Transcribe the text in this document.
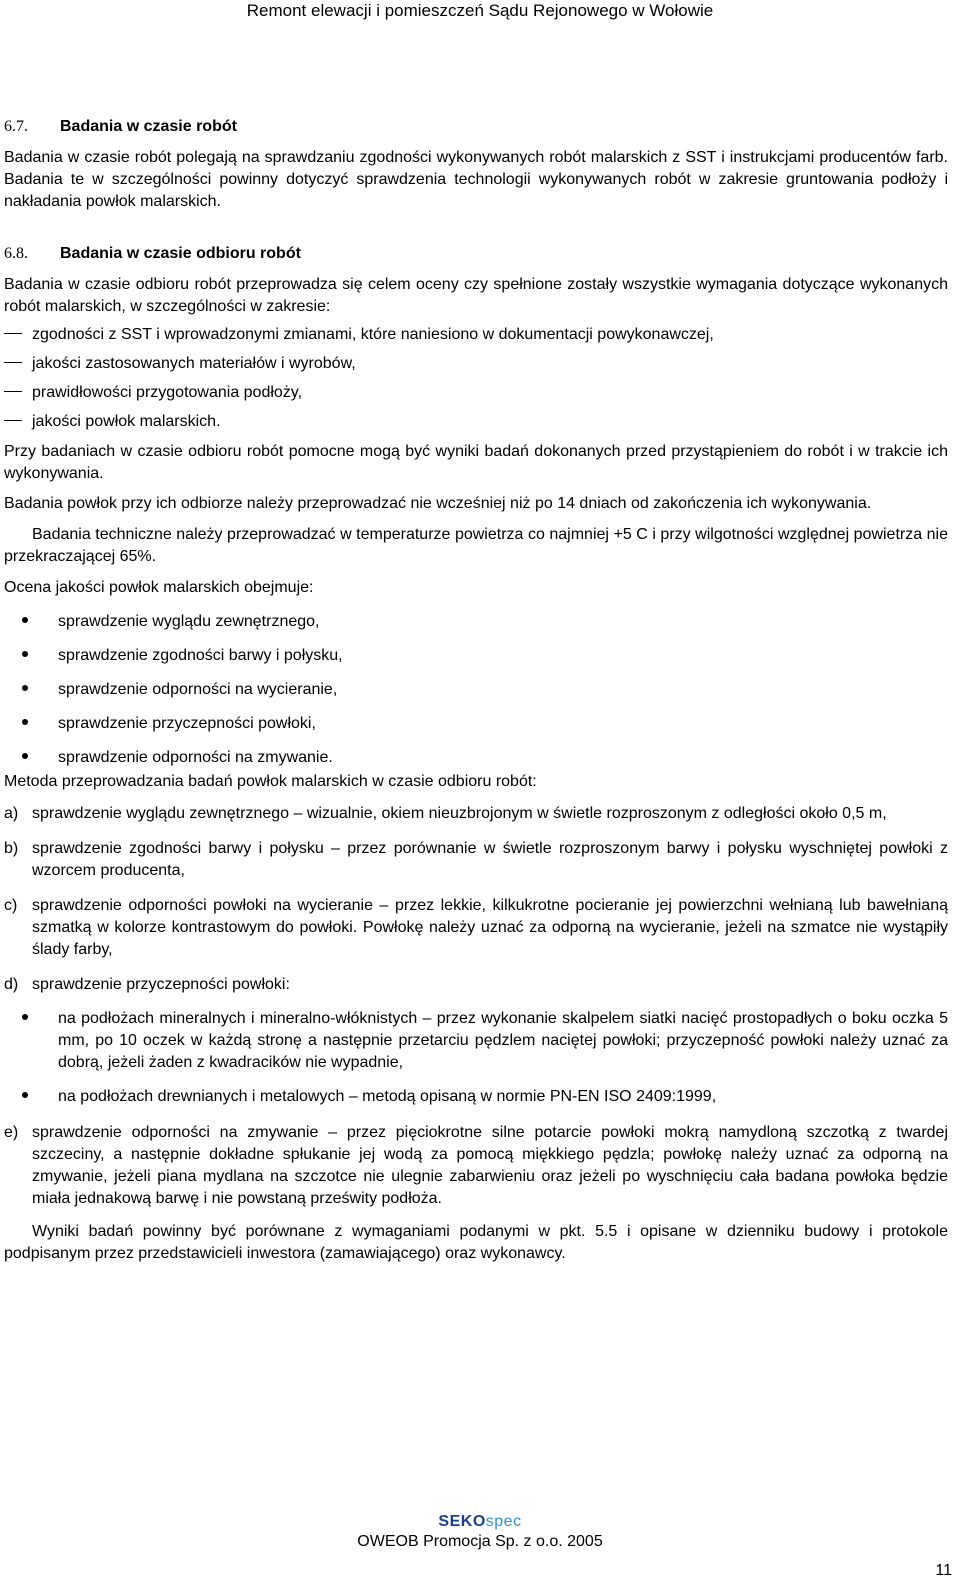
Remont elewacji i pomieszczeń Sądu Rejonowego w Wołowie
6.7.	Badania w czasie robót
Badania w czasie robót polegają na sprawdzaniu zgodności wykonywanych robót malarskich z SST i instrukcjami producentów farb. Badania te w szczególności powinny dotyczyć sprawdzenia technologii wykonywanych robót w zakresie gruntowania podłoży i nakładania powłok malarskich.
6.8.	Badania w czasie odbioru robót
Badania w czasie odbioru robót przeprowadza się celem oceny czy spełnione zostały wszystkie wymagania dotyczące wykonanych robót malarskich, w szczególności w zakresie:
zgodności z SST i wprowadzonymi zmianami, które naniesiono w dokumentacji powykonawczej,
jakości zastosowanych materiałów i wyrobów,
prawidłowości przygotowania podłoży,
jakości powłok malarskich.
Przy badaniach w czasie odbioru robót pomocne mogą być wyniki badań dokonanych przed przystąpieniem do robót i w trakcie ich wykonywania.
Badania powłok przy ich odbiorze należy przeprowadzać nie wcześniej niż po 14 dniach od zakończenia ich wykonywania.
Badania techniczne należy przeprowadzać w temperaturze powietrza co najmniej +5 C i przy wilgotności względnej powietrza nie przekraczającej 65%.
Ocena jakości powłok malarskich obejmuje:
sprawdzenie wyglądu zewnętrznego,
sprawdzenie zgodności barwy i połysku,
sprawdzenie odporności na wycieranie,
sprawdzenie przyczepności powłoki,
sprawdzenie odporności na zmywanie.
Metoda przeprowadzania badań powłok malarskich w czasie odbioru robót:
a) sprawdzenie wyglądu zewnętrznego – wizualnie, okiem nieuzbrojonym w świetle rozproszonym z odległości około 0,5 m,
b) sprawdzenie zgodności barwy i połysku – przez porównanie w świetle rozproszonym barwy i połysku wyschniętej powłoki z wzorcem producenta,
c) sprawdzenie odporności powłoki na wycieranie – przez lekkie, kilkukrotne pocieranie jej powierzchni wełnianą lub bawełnianą szmatką w kolorze kontrastowym do powłoki. Powłokę należy uznać za odporną na wycieranie, jeżeli na szmatce nie wystąpiły ślady farby,
d) sprawdzenie przyczepności powłoki:
na podłożach mineralnych i mineralno-włóknistych – przez wykonanie skalpelem siatki nacięć prostopadłych o boku oczka 5 mm, po 10 oczek w każdą stronę a następnie przetarciu pędzlem naciętej powłoki; przyczepność powłoki należy uznać za dobrą, jeżeli żaden z kwadracików nie wypadnie,
na podłożach drewnianych i metalowych – metodą opisaną w normie PN-EN ISO 2409:1999,
e) sprawdzenie odporności na zmywanie – przez pięciokrotne silne potarcie powłoki mokrą namydloną szczotką z twardej szczeciny, a następnie dokładne spłukanie jej wodą za pomocą miękkiego pędzla; powłokę należy uznać za odporną na zmywanie, jeżeli piana mydlana na szczotce nie ulegnie zabarwieniu oraz jeżeli po wyschnięciu cała badana powłoka będzie miała jednakową barwę i nie powstaną prześwity podłoża.
Wyniki badań powinny być porównane z wymaganiami podanymi w pkt. 5.5 i opisane w dzienniku budowy i protokole podpisanym przez przedstawicieli inwestora (zamawiającego) oraz wykonawcy.
SEKOspec
OWEOB Promocja Sp. z o.o. 2005
11
